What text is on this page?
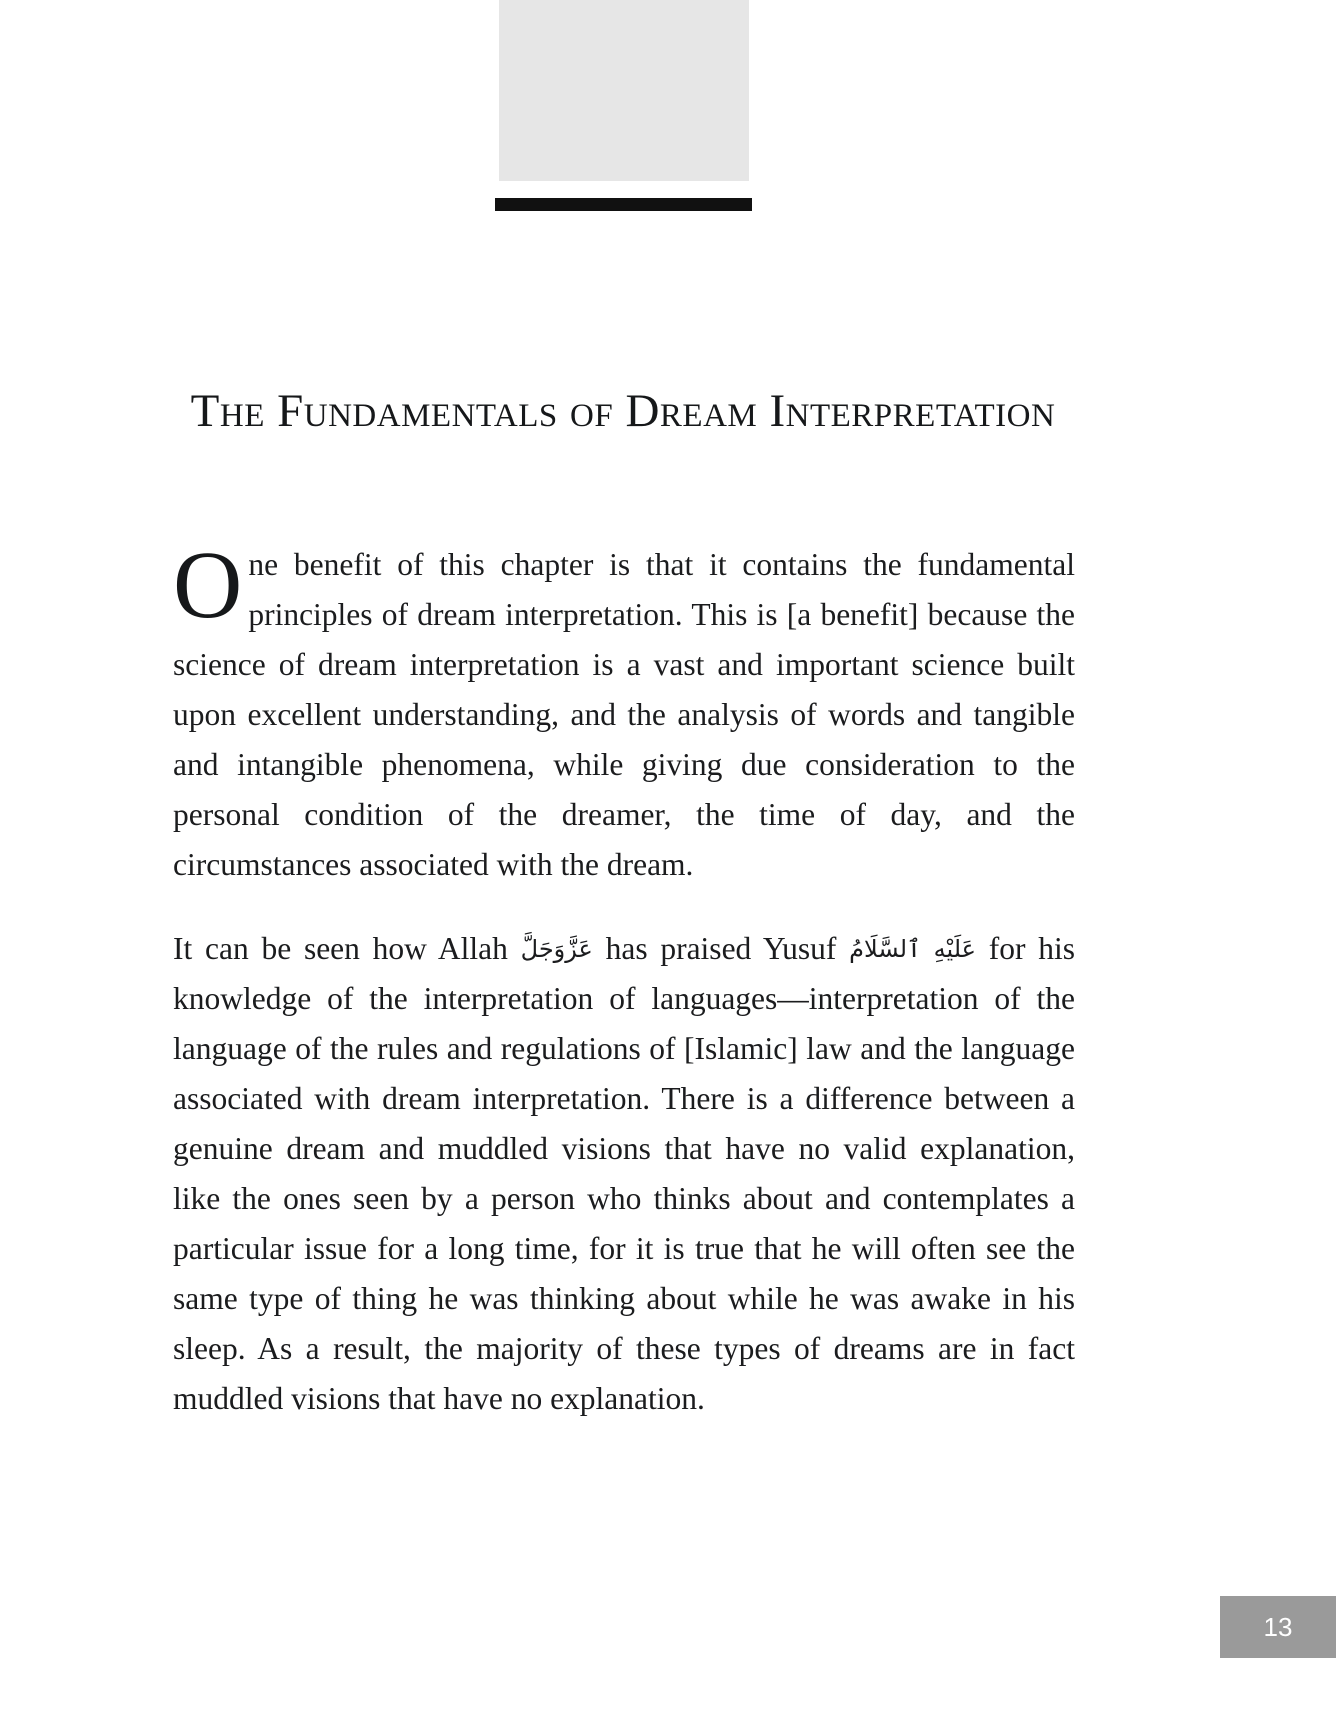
The Fundamentals of Dream Interpretation

One benefit of this chapter is that it contains the fundamental principles of dream interpretation. This is [a benefit] because the science of dream interpretation is a vast and important science built upon excellent understanding, and the analysis of words and tangible and intangible phenomena, while giving due consideration to the personal condition of the dreamer, the time of day, and the circumstances associated with the dream.

It can be seen how Allah عَزَّوَجَلَّ has praised Yusuf عَلَيْهِ ٱلسَّلَامُ for his knowledge of the interpretation of languages—interpretation of the language of the rules and regulations of [Islamic] law and the language associated with dream interpretation. There is a difference between a genuine dream and muddled visions that have no valid explanation, like the ones seen by a person who thinks about and contemplates a particular issue for a long time, for it is true that he will often see the same type of thing he was thinking about while he was awake in his sleep. As a result, the majority of these types of dreams are in fact muddled visions that have no explanation.

13
